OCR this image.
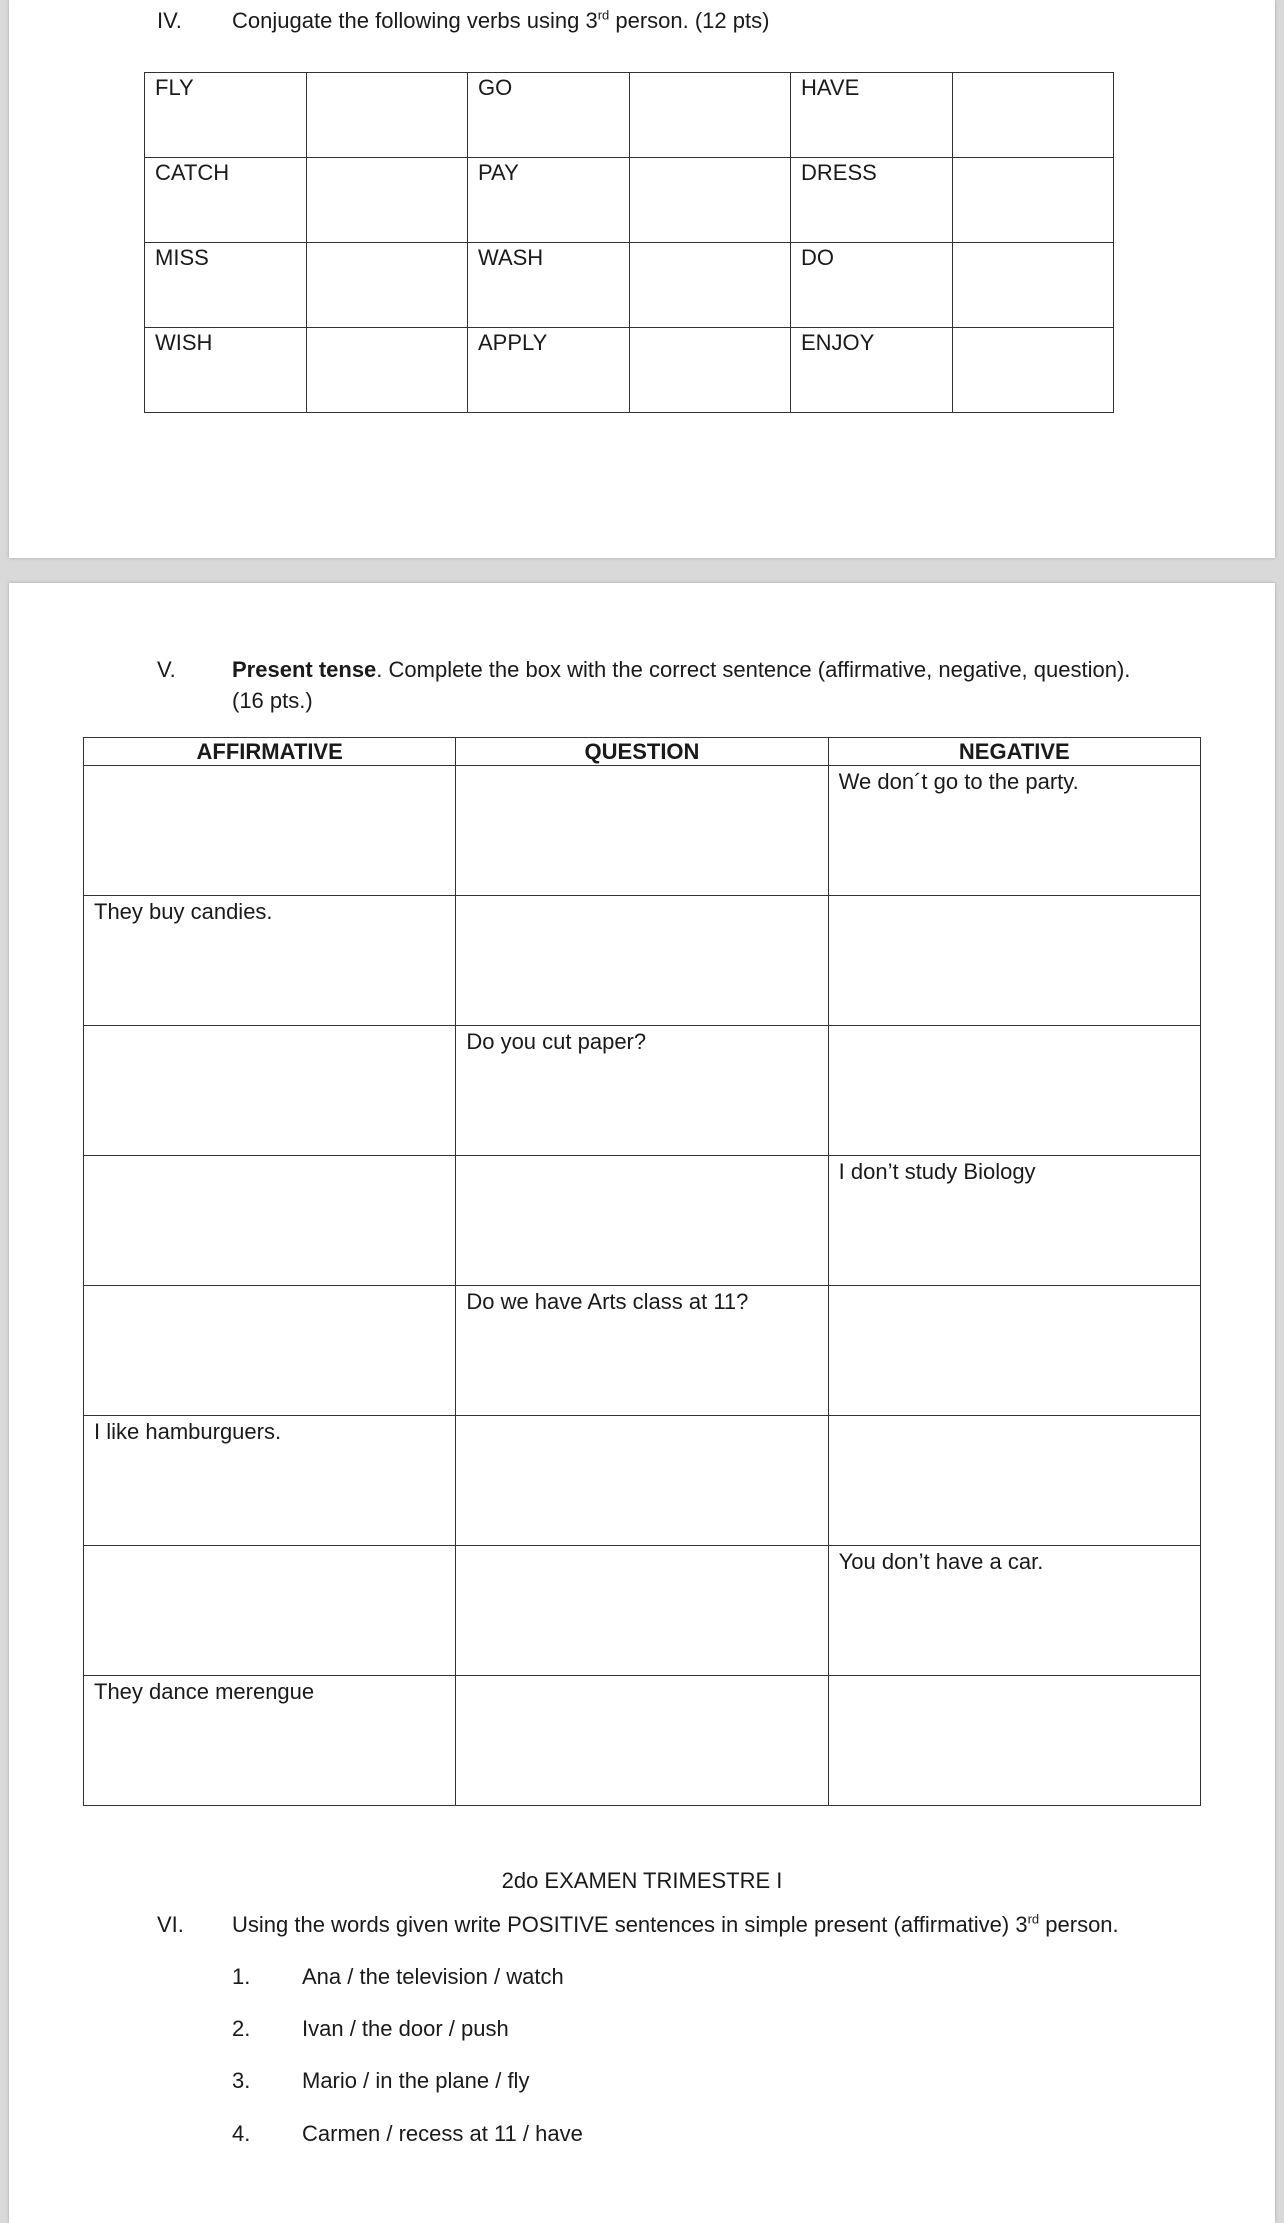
IV. Conjugate the following verbs using 3rd person. (12 pts)
FLY		GO		HAVE	
CATCH		PAY		DRESS	
MISS		WASH		DO	
WISH		APPLY		ENJOY	
V.	Present tense. Complete the box with the correct sentence (affirmative, negative, question).
(16 pts.)
AFFIRMATIVE	QUESTION	NEGATIVE
		We don´t go to the party.
They buy candies.		
	Do you cut paper?	
		I don’t study Biology
	Do we have Arts class at 11?	
I like hamburguers.		
		You don’t have a car.
They dance merengue		
2do EXAMEN TRIMESTRE I
VI. Using the words given write POSITIVE sentences in simple present (affirmative) 3rd person.
1. Ana / the television / watch
2. Ivan / the door / push
3. Mario / in the plane / fly
4. Carmen / recess at 11 / have
